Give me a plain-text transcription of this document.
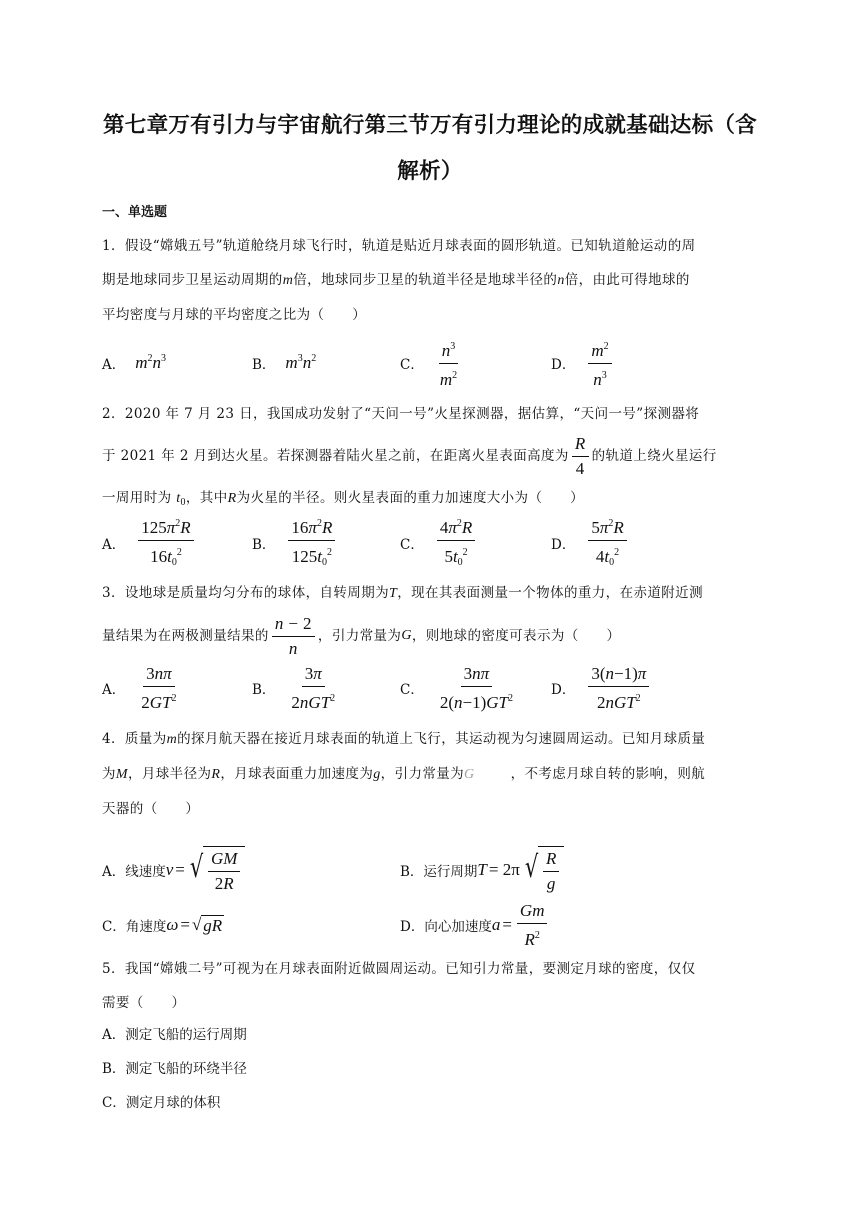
第七章万有引力与宇宙航行第三节万有引力理论的成就基础达标（含
解析）
一、单选题
1．假设“嫦娥五号”轨道舱绕月球飞行时，轨道是贴近月球表面的圆形轨道。已知轨道舱运动的周
期是地球同步卫星运动周期的m倍，地球同步卫星的轨道半径是地球半径的n倍，由此可得地球的
平均密度与月球的平均密度之比为（　　）
A． $m^2n^3$	B． $m^3n^2$	C． $\frac{n^3}{m^2}$	D． $\frac{m^2}{n^3}$
2．2020 年 7 月 23 日，我国成功发射了“天问一号”火星探测器，据估算，“天问一号”探测器将
于 2021 年 2 月到达火星。若探测器着陆火星之前，在距离火星表面高度为 $\frac{R}{4}$ 的轨道上绕火星运行
一周用时为 $t_0$，其中R为火星的半径。则火星表面的重力加速度大小为（　　）
A． $\frac{125\pi^2R}{16t_0^2}$	B． $\frac{16\pi^2R}{125t_0^2}$	C． $\frac{4\pi^2R}{5t_0^2}$	D． $\frac{5\pi^2R}{4t_0^2}$
3．设地球是质量均匀分布的球体，自转周期为T，现在其表面测量一个物体的重力，在赤道附近测
量结果为在两极测量结果的 $\frac{n - 2}{n}$ ，引力常量为 G ，则地球的密度可表示为（　　）
A． $\frac{3n\pi}{2GT^2}$	B． $\frac{3\pi}{2nGT^2}$	C． $\frac{3n\pi}{2(n-1)GT^2}$	D． $\frac{3(n-1)\pi}{2nGT^2}$
4．质量为m的探月航天器在接近月球表面的轨道上飞行，其运动视为匀速圆周运动。已知月球质量
为M，月球半径为R，月球表面重力加速度为g，引力常量为G	，不考虑月球自转的影响，则航
天器的（　　）
A．线速度 v = √ $\frac{GM}{2R}$	B．运行周期 T = 2π √ $\frac{R}{g}$
C．角速度 ω = √ gR	D．向心加速度 $a = \frac{Gm}{R^2}$
5．我国“嫦娥二号”可视为在月球表面附近做圆周运动。已知引力常量，要测定月球的密度，仅仅
需要（　　）
A．测定飞船的运行周期
B．测定飞船的环绕半径
C．测定月球的体积
